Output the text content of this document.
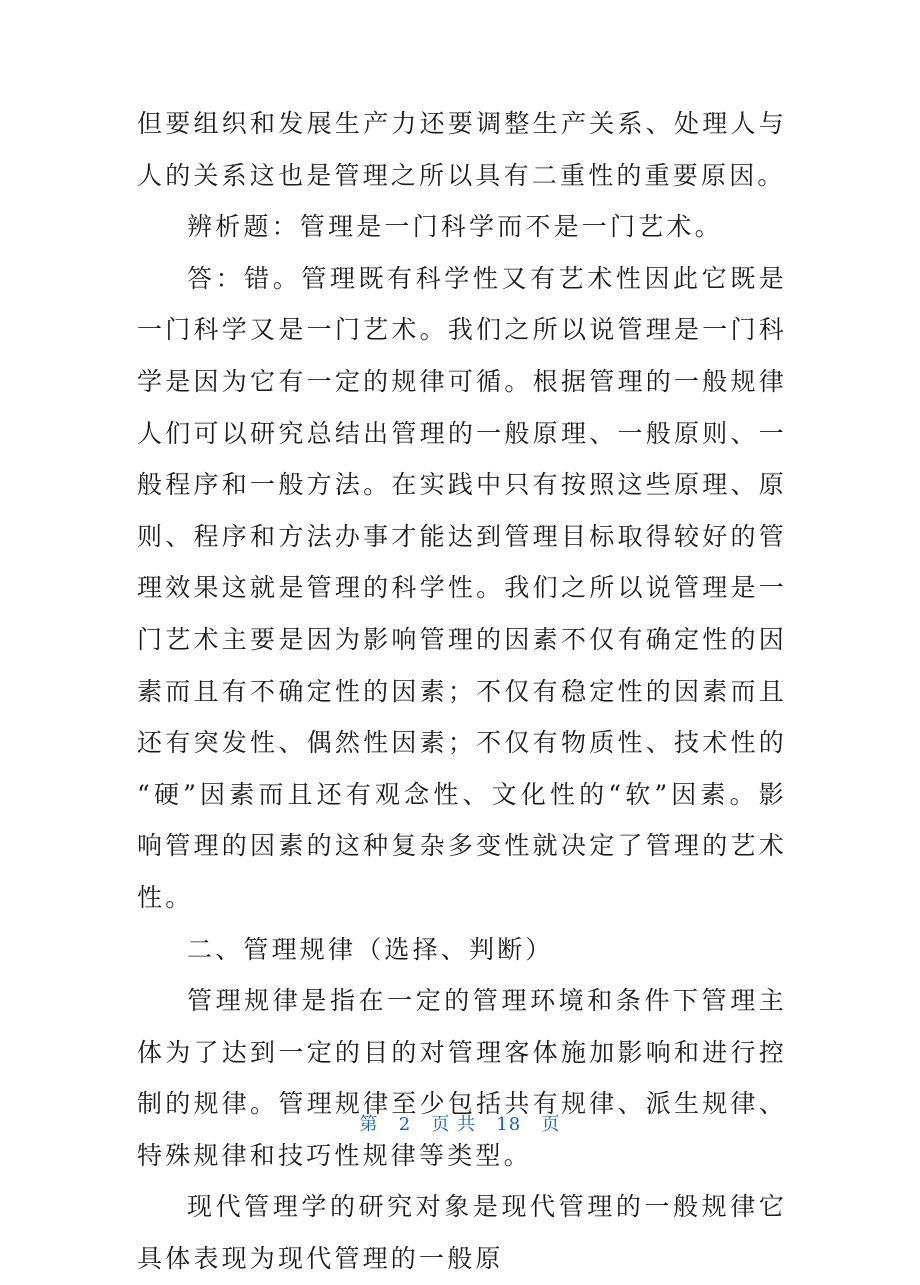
但要组织和发展生产力还要调整生产关系、处理人与人的关系这也是管理之所以具有二重性的重要原因。

辨析题：管理是一门科学而不是一门艺术。

答：错。管理既有科学性又有艺术性因此它既是一门科学又是一门艺术。我们之所以说管理是一门科学是因为它有一定的规律可循。根据管理的一般规律人们可以研究总结出管理的一般原理、一般原则、一般程序和一般方法。在实践中只有按照这些原理、原则、程序和方法办事才能达到管理目标取得较好的管理效果这就是管理的科学性。我们之所以说管理是一门艺术主要是因为影响管理的因素不仅有确定性的因素而且有不确定性的因素；不仅有稳定性的因素而且还有突发性、偶然性因素；不仅有物质性、技术性的“硬”因素而且还有观念性、文化性的“软”因素。影响管理的因素的这种复杂多变性就决定了管理的艺术性。

二、管理规律（选择、判断）

管理规律是指在一定的管理环境和条件下管理主体为了达到一定的目的对管理客体施加影响和进行控制的规律。管理规律至少包括共有规律、派生规律、特殊规律和技巧性规律等类型。

现代管理学的研究对象是现代管理的一般规律它具体表现为现代管理的一般原

第 2 页 共 18 页
